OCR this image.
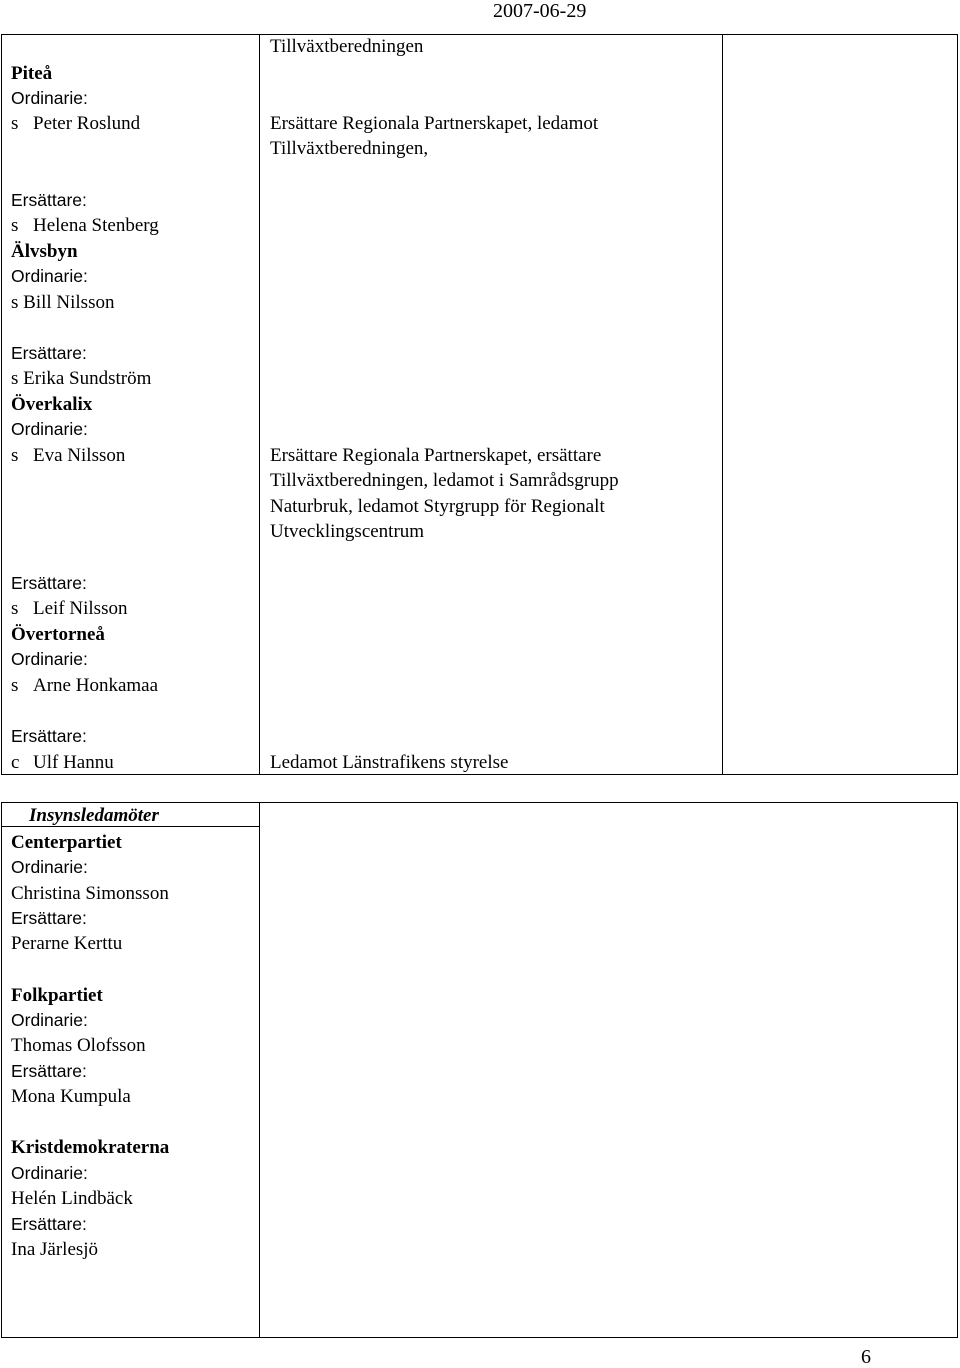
2007-06-29
Piteå
Ordinarie:
s Peter Roslund
Ersättare:
s Helena Stenberg
Tillväxtberedningen
Ersättare Regionala Partnerskapet, ledamot
Tillväxtberedningen,
Älvsbyn
Ordinarie:
s Bill Nilsson
Ersättare:
s Erika Sundström
Överkalix
Ordinarie:
s Eva Nilsson
Ersättare:
s Leif Nilsson
Ersättare Regionala Partnerskapet, ersättare
Tillväxtberedningen, ledamot i Samrådsgrupp
Naturbruk, ledamot Styrgrupp för Regionalt
Utvecklingscentrum
Övertorneå
Ordinarie:
s Arne Honkamaa
Ersättare:
c Ulf Hannu	Ledamot Länstrafikens styrelse
Insynsledamöter
Centerpartiet
Ordinarie:
Christina Simonsson
Ersättare:
Perarne Kerttu
Folkpartiet
Ordinarie:
Thomas Olofsson
Ersättare:
Mona Kumpula
Kristdemokraterna
Ordinarie:
Helén Lindbäck
Ersättare:
Ina Järlesjö
6
